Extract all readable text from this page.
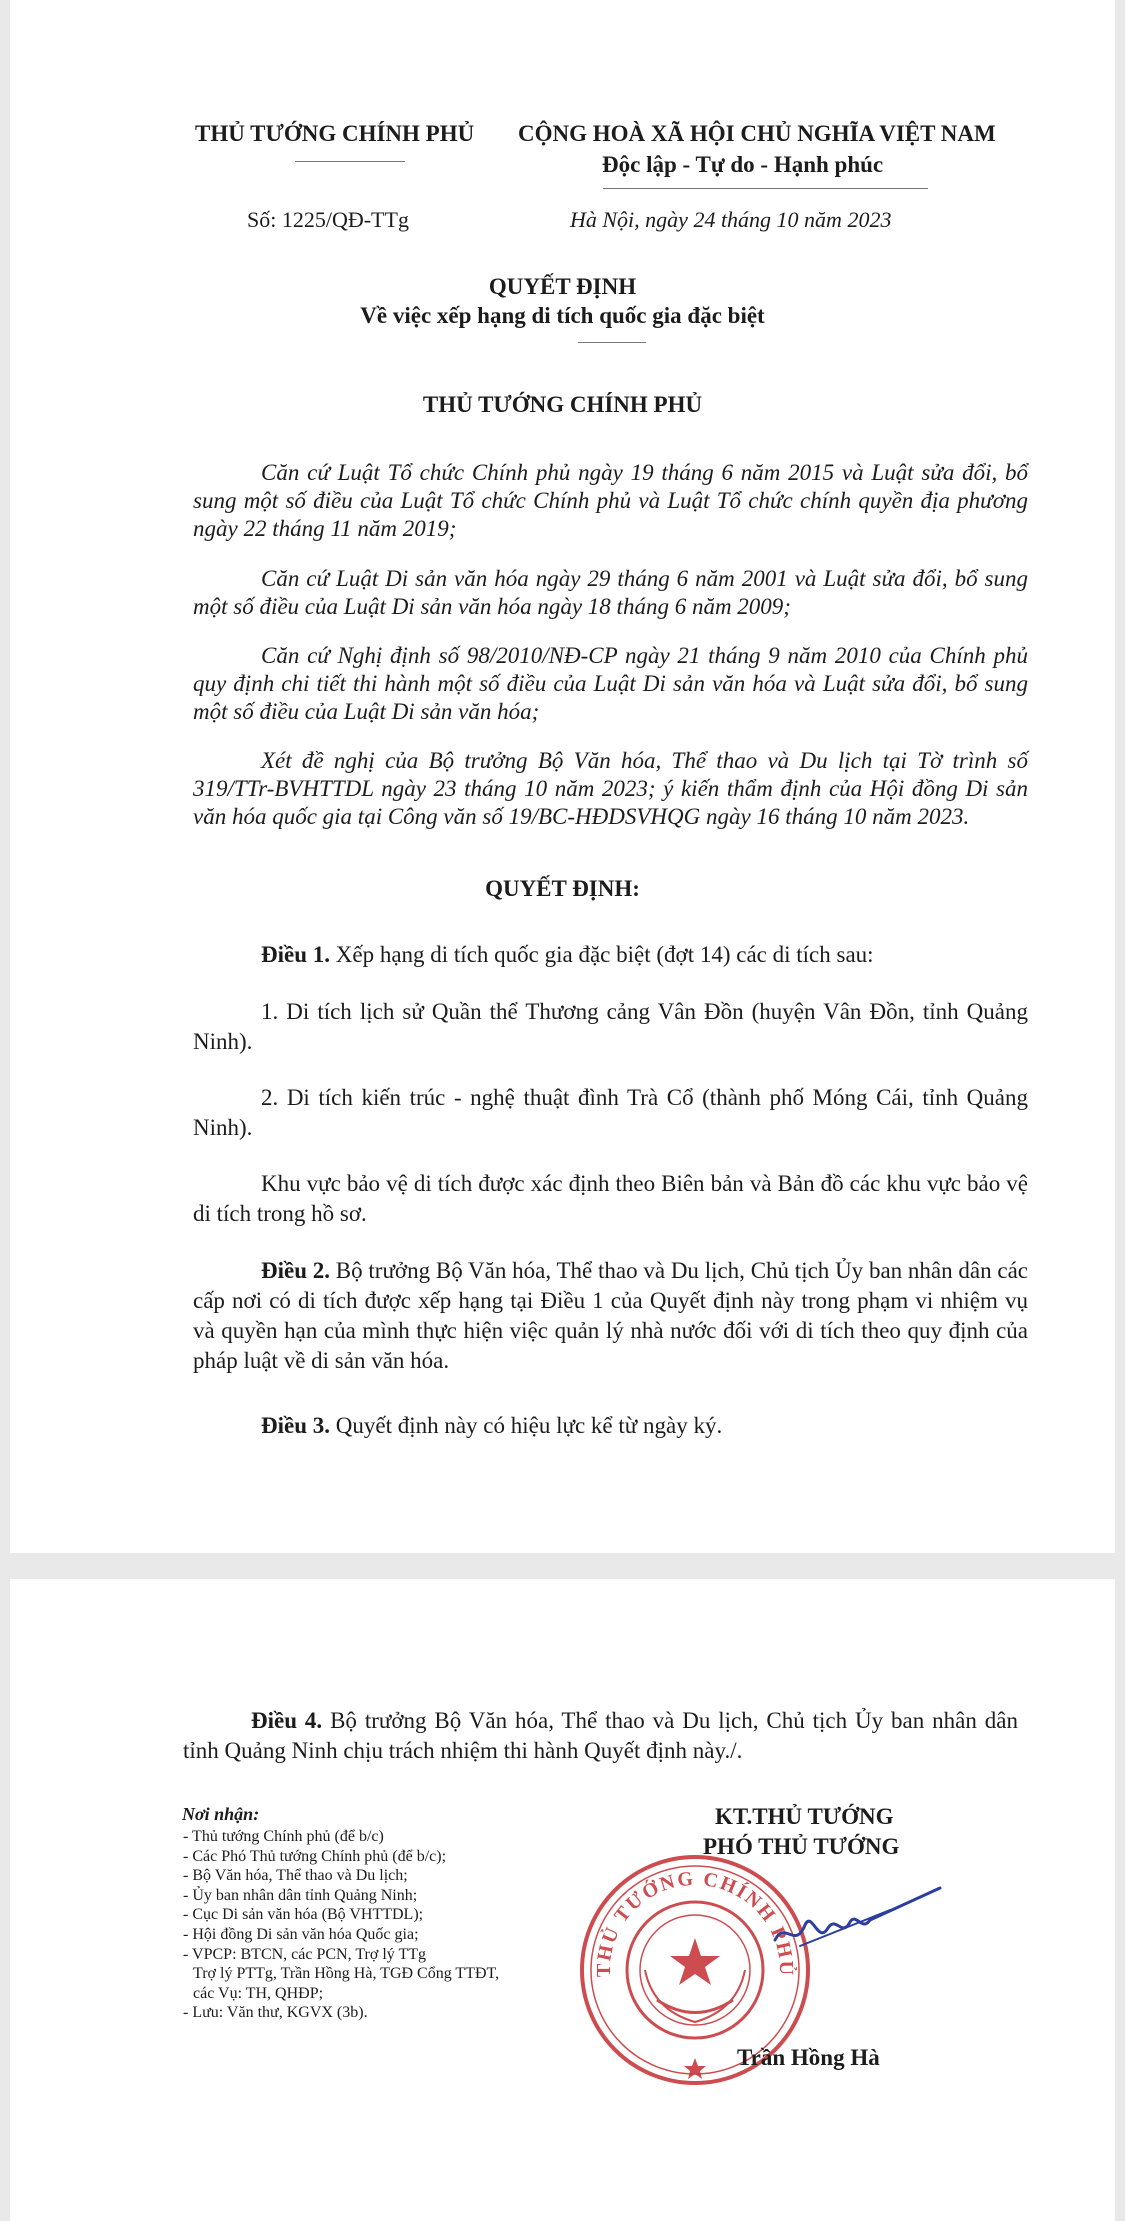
THỦ TƯỚNG CHÍNH PHỦ CỘNG HOÀ XÃ HỘI CHỦ NGHĨA VIỆT NAM
Độc lập - Tự do - Hạnh phúc
Số: 1225/QĐ-TTg	Hà Nội, ngày 24 tháng 10 năm 2023
QUYẾT ĐỊNH
Về việc xếp hạng di tích quốc gia đặc biệt
THỦ TƯỚNG CHÍNH PHỦ
Căn cứ Luật Tổ chức Chính phủ ngày 19 tháng 6 năm 2015 và Luật sửa đổi, bổ sung một số điều của Luật Tổ chức Chính phủ và Luật Tổ chức chính quyền địa phương ngày 22 tháng 11 năm 2019;
Căn cứ Luật Di sản văn hóa ngày 29 tháng 6 năm 2001 và Luật sửa đổi, bổ sung một số điều của Luật Di sản văn hóa ngày 18 tháng 6 năm 2009;
Căn cứ Nghị định số 98/2010/NĐ-CP ngày 21 tháng 9 năm 2010 của Chính phủ quy định chi tiết thi hành một số điều của Luật Di sản văn hóa và Luật sửa đổi, bổ sung một số điều của Luật Di sản văn hóa;
Xét đề nghị của Bộ trưởng Bộ Văn hóa, Thể thao và Du lịch tại Tờ trình số 319/TTr-BVHTTDL ngày 23 tháng 10 năm 2023; ý kiến thẩm định của Hội đồng Di sản văn hóa quốc gia tại Công văn số 19/BC-HĐDSVHQG ngày 16 tháng 10 năm 2023.
QUYẾT ĐỊNH:
Điều 1. Xếp hạng di tích quốc gia đặc biệt (đợt 14) các di tích sau:
1. Di tích lịch sử Quần thể Thương cảng Vân Đồn (huyện Vân Đồn, tỉnh Quảng Ninh).
2. Di tích kiến trúc - nghệ thuật đình Trà Cổ (thành phố Móng Cái, tỉnh Quảng Ninh).
Khu vực bảo vệ di tích được xác định theo Biên bản và Bản đồ các khu vực bảo vệ di tích trong hồ sơ.
Điều 2. Bộ trưởng Bộ Văn hóa, Thể thao và Du lịch, Chủ tịch Ủy ban nhân dân các cấp nơi có di tích được xếp hạng tại Điều 1 của Quyết định này trong phạm vi nhiệm vụ và quyền hạn của mình thực hiện việc quản lý nhà nước đối với di tích theo quy định của pháp luật về di sản văn hóa.
Điều 3. Quyết định này có hiệu lực kể từ ngày ký.
Điều 4. Bộ trưởng Bộ Văn hóa, Thể thao và Du lịch, Chủ tịch Ủy ban nhân dân tỉnh Quảng Ninh chịu trách nhiệm thi hành Quyết định này./.
Nơi nhận:
- Thủ tướng Chính phủ (để b/c)
- Các Phó Thủ tướng Chính phủ (để b/c);
- Bộ Văn hóa, Thể thao và Du lịch;
- Ủy ban nhân dân tỉnh Quảng Ninh;
- Cục Di sản văn hóa (Bộ VHTTDL);
- Hội đồng Di sản văn hóa Quốc gia;
- VPCP: BTCN, các PCN, Trợ lý TTg
Trợ lý PTTg, Trần Hồng Hà, TGĐ Cổng TTĐT,
các Vụ: TH, QHĐP;
- Lưu: Văn thư, KGVX (3b).
THỦ TƯỚNG CHÍNH PHỦ
KT.THỦ TƯỚNG
PHÓ THỦ TƯỚNG
Trần Hồng Hà
